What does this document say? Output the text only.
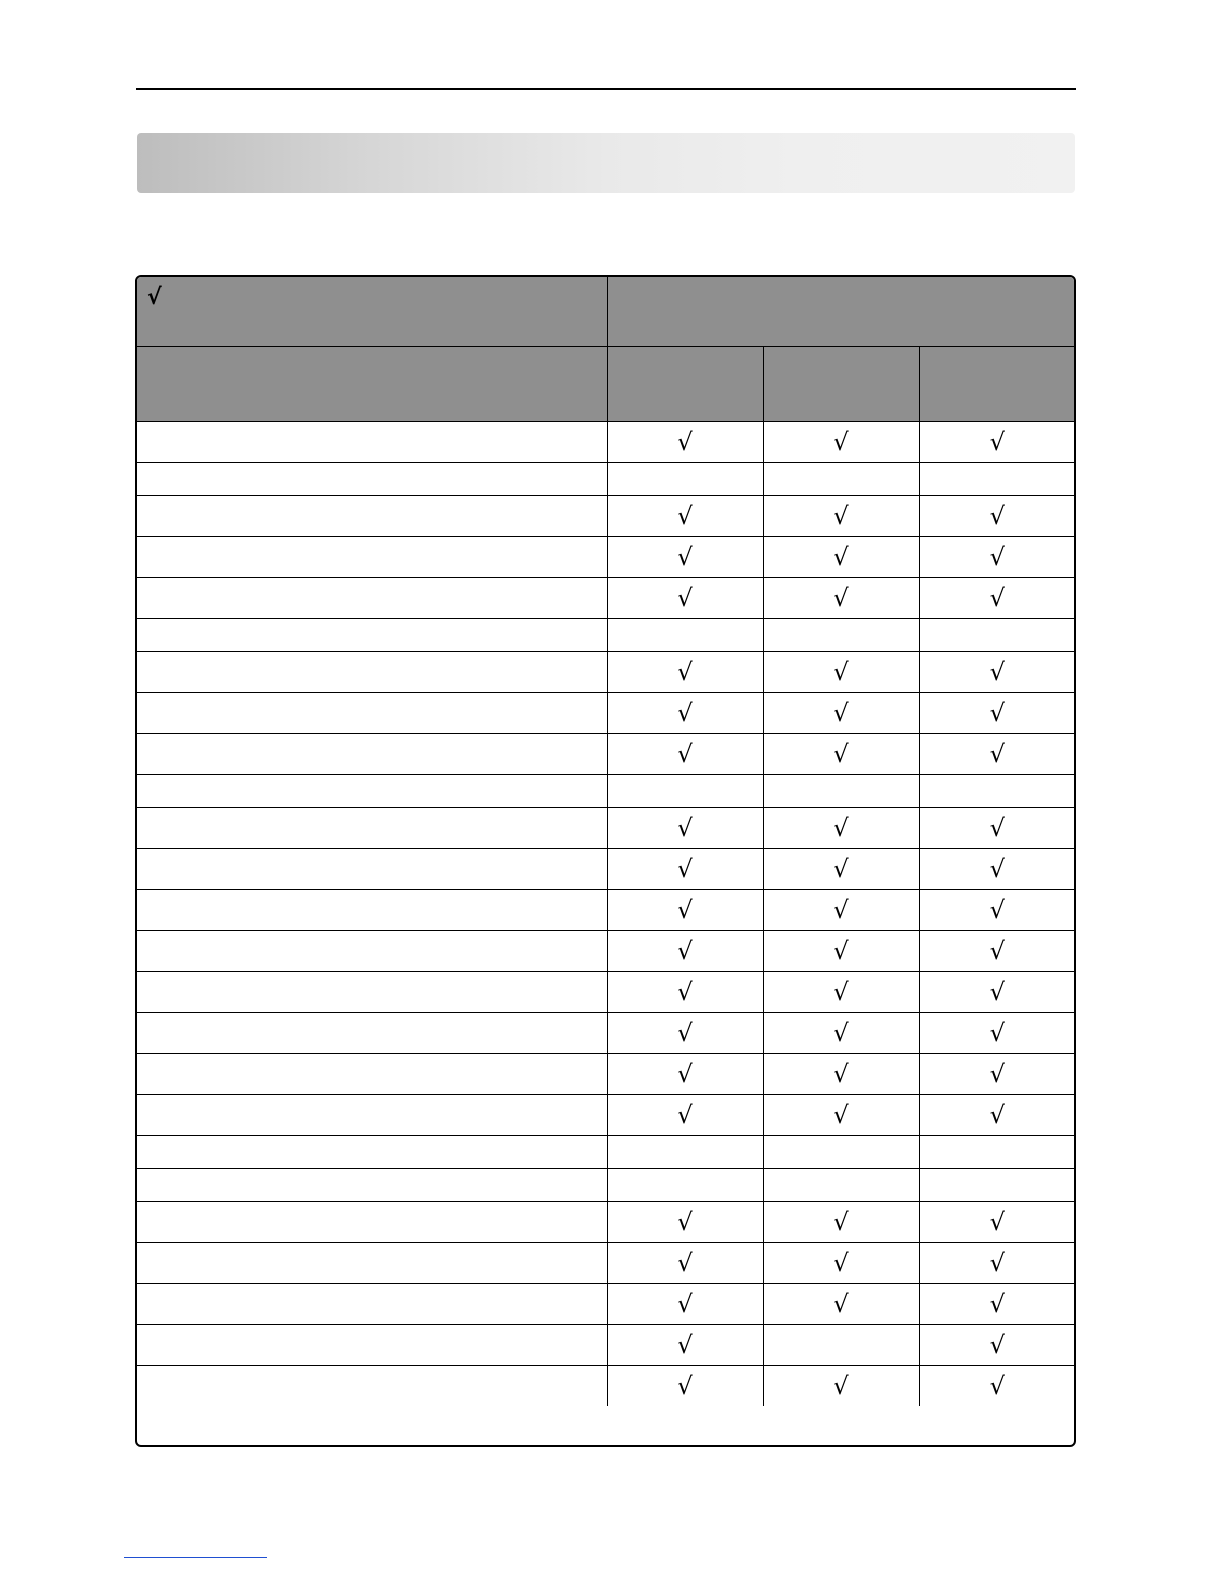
√			

	√	√	√

	√	√	√
	√	√	√
	√	√	√

	√	√	√
	√	√	√
	√	√	√

	√	√	√
	√	√	√
	√	√	√
	√	√	√
	√	√	√
	√	√	√
	√	√	√
	√	√	√

	√	√	√
	√	√	√
	√	√	√
	√		√
	√	√	√
